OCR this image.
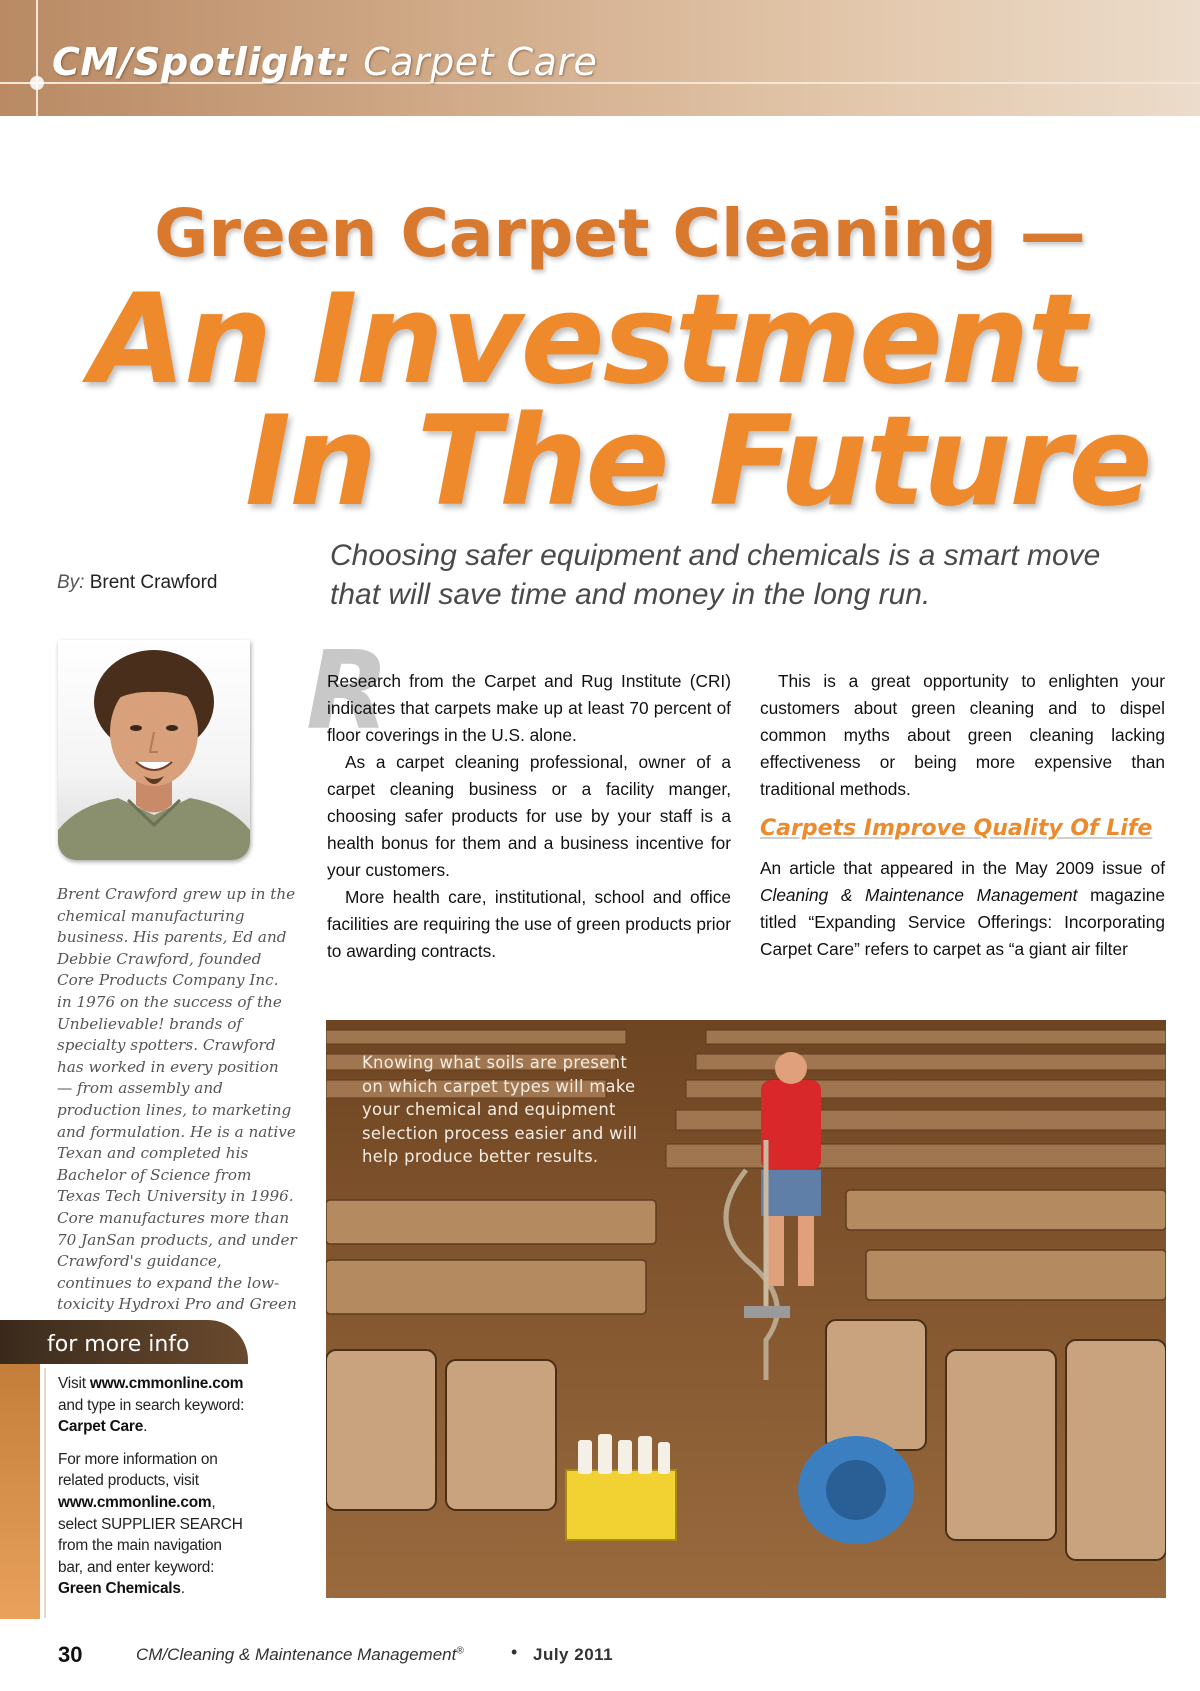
CM/Spotlight: Carpet Care
Green Carpet Cleaning —
An Investment
In The Future
By: Brent Crawford
Choosing safer equipment and chemicals is a smart move that will save time and money in the long run.
Brent Crawford grew up in the chemical manufacturing business. His parents, Ed and Debbie Crawford, founded Core Products Company Inc. in 1976 on the success of the Unbelievable! brands of specialty spotters. Crawford has worked in every position — from assembly and production lines, to marketing and formulation. He is a native Texan and completed his Bachelor of Science from Texas Tech University in 1996. Core manufactures more than 70 JanSan products, and under Crawford's guidance, continues to expand the low-toxicity Hydroxi Pro and Green
R

Research from the Carpet and Rug Institute (CRI) indicates that carpets make up at least 70 percent of floor coverings in the U.S. alone.

As a carpet cleaning professional, owner of a carpet cleaning business or a facility manger, choosing safer products for use by your staff is a health bonus for them and a business incentive for your customers.

More health care, institutional, school and office facilities are requiring the use of green products prior to awarding contracts.

This is a great opportunity to enlighten your customers about green cleaning and to dispel common myths about green cleaning lacking effectiveness or being more expensive than traditional methods.

Carpets Improve Quality Of Life

An article that appeared in the May 2009 issue of Cleaning & Maintenance Management magazine titled “Expanding Service Offerings: Incorporating Carpet Care” refers to carpet as “a giant air filter

Knowing what soils are present on which carpet types will make your chemical and equipment selection process easier and will help produce better results.
for more info

Visit www.cmmonline.com and type in search keyword: Carpet Care.

For more information on related products, visit www.cmmonline.com, select SUPPLIER SEARCH from the main navigation bar, and enter keyword: Green Chemicals.

30	CM/Cleaning & Maintenance Management®	• July 2011
